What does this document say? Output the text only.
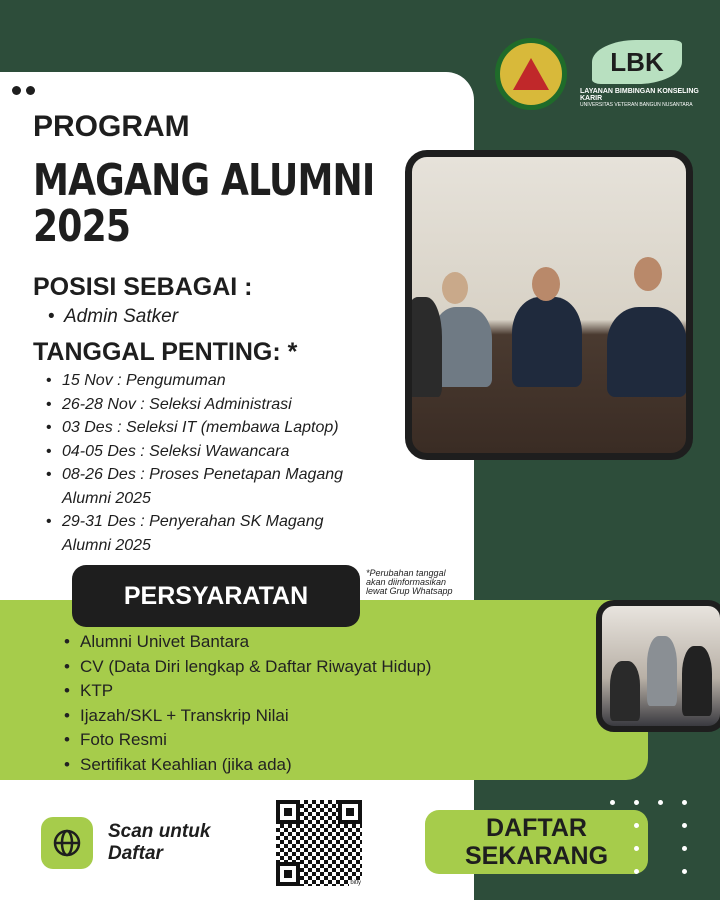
LBK
LAYANAN BIMBINGAN KONSELING KARIR
UNIVERSITAS VETERAN BANGUN NUSANTARA
PROGRAM
MAGANG ALUMNI
2025
POSISI SEBAGAI :
• Admin Satker
TANGGAL PENTING: *
• 15 Nov : Pengumuman
• 26-28 Nov : Seleksi Administrasi
• 03 Des : Seleksi IT (membawa Laptop)
• 04-05 Des : Seleksi Wawancara
• 08-26 Des : Proses Penetapan Magang Alumni 2025
• 29-31 Des : Penyerahan SK Magang Alumni 2025
PERSYARATAN
*Perubahan tanggal akan diinformasikan lewat Grup Whatsapp
• Alumni Univet Bantara
• CV (Data Diri lengkap & Daftar Riwayat Hidup)
• KTP
• Ijazah/SKL + Transkrip Nilai
• Foto Resmi
• Sertifikat Keahlian (jika ada)
Scan untuk
Daftar
bitly
DAFTAR
SEKARANG
